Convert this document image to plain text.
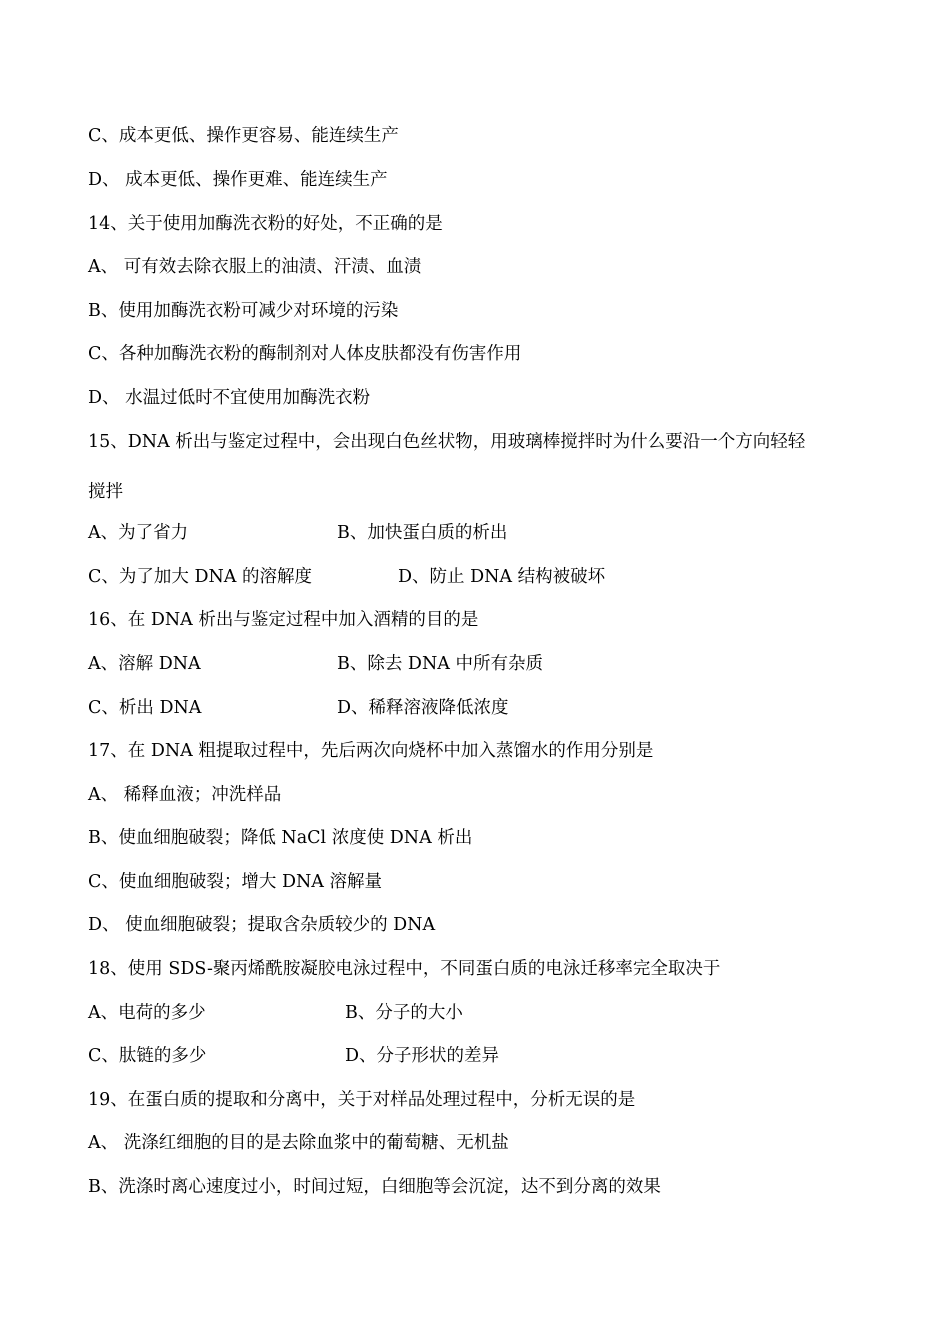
C、成本更低、操作更容易、能连续生产
D、 成本更低、操作更难、能连续生产
14、关于使用加酶洗衣粉的好处，不正确的是
A、 可有效去除衣服上的油渍、汗渍、血渍
B、使用加酶洗衣粉可减少对环境的污染
C、各种加酶洗衣粉的酶制剂对人体皮肤都没有伤害作用
D、 水温过低时不宜使用加酶洗衣粉
15、DNA 析出与鉴定过程中，会出现白色丝状物，用玻璃棒搅拌时为什么要沿一个方向轻轻
搅拌
A、为了省力	B、加快蛋白质的析出
C、为了加大 DNA 的溶解度	D、防止 DNA 结构被破坏
16、在 DNA 析出与鉴定过程中加入酒精的目的是
A、溶解 DNA	B、除去 DNA 中所有杂质
C、析出 DNA	D、稀释溶液降低浓度
17、在 DNA 粗提取过程中，先后两次向烧杯中加入蒸馏水的作用分别是
A、 稀释血液；冲洗样品
B、使血细胞破裂；降低 NaCl 浓度使 DNA 析出
C、使血细胞破裂；增大 DNA 溶解量
D、 使血细胞破裂；提取含杂质较少的 DNA
18、使用 SDS-聚丙烯酰胺凝胶电泳过程中，不同蛋白质的电泳迁移率完全取决于
A、电荷的多少	B、分子的大小
C、肽链的多少	D、分子形状的差异
19、在蛋白质的提取和分离中，关于对样品处理过程中，分析无误的是
A、 洗涤红细胞的目的是去除血浆中的葡萄糖、无机盐
B、洗涤时离心速度过小，时间过短，白细胞等会沉淀，达不到分离的效果
